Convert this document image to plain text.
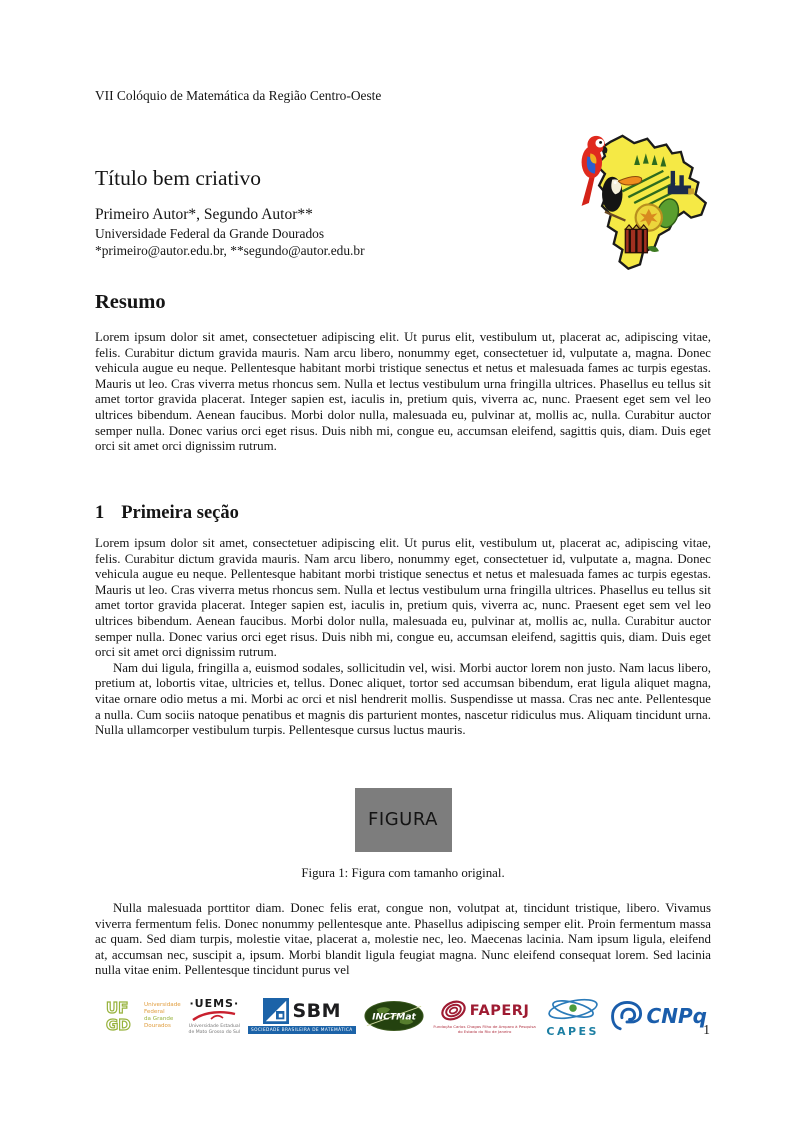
VII Colóquio de Matemática da Região Centro-Oeste
Título bem criativo
Primeiro Autor*, Segundo Autor**
Universidade Federal da Grande Dourados
*primeiro@autor.edu.br, **segundo@autor.edu.br
Resumo

Lorem ipsum dolor sit amet, consectetuer adipiscing elit. Ut purus elit, vestibulum ut, placerat ac, adipiscing vitae, felis. Curabitur dictum gravida mauris. Nam arcu libero, nonummy eget, consectetuer id, vulputate a, magna. Donec vehicula augue eu neque. Pellentesque habitant morbi tristique senectus et netus et malesuada fames ac turpis egestas. Mauris ut leo. Cras viverra metus rhoncus sem. Nulla et lectus vestibulum urna fringilla ultrices. Phasellus eu tellus sit amet tortor gravida placerat. Integer sapien est, iaculis in, pretium quis, viverra ac, nunc. Praesent eget sem vel leo ultrices bibendum. Aenean faucibus. Morbi dolor nulla, malesuada eu, pulvinar at, mollis ac, nulla. Curabitur auctor semper nulla. Donec varius orci eget risus. Duis nibh mi, congue eu, accumsan eleifend, sagittis quis, diam. Duis eget orci sit amet orci dignissim rutrum.

1 Primeira seção

Lorem ipsum dolor sit amet, consectetuer adipiscing elit. Ut purus elit, vestibulum ut, placerat ac, adipiscing vitae, felis. Curabitur dictum gravida mauris. Nam arcu libero, nonummy eget, consectetuer id, vulputate a, magna. Donec vehicula augue eu neque. Pellentesque habitant morbi tristique senectus et netus et malesuada fames ac turpis egestas. Mauris ut leo. Cras viverra metus rhoncus sem. Nulla et lectus vestibulum urna fringilla ultrices. Phasellus eu tellus sit amet tortor gravida placerat. Integer sapien est, iaculis in, pretium quis, viverra ac, nunc. Praesent eget sem vel leo ultrices bibendum. Aenean faucibus. Morbi dolor nulla, malesuada eu, pulvinar at, mollis ac, nulla. Curabitur auctor semper nulla. Donec varius orci eget risus. Duis nibh mi, congue eu, accumsan eleifend, sagittis quis, diam. Duis eget orci sit amet orci dignissim rutrum.

Nam dui ligula, fringilla a, euismod sodales, sollicitudin vel, wisi. Morbi auctor lorem non justo. Nam lacus libero, pretium at, lobortis vitae, ultricies et, tellus. Donec aliquet, tortor sed accumsan bibendum, erat ligula aliquet magna, vitae ornare odio metus a mi. Morbi ac orci et nisl hendrerit mollis. Suspendisse ut massa. Cras nec ante. Pellentesque a nulla. Cum sociis natoque penatibus et magnis dis parturient montes, nascetur ridiculus mus. Aliquam tincidunt urna. Nulla ullamcorper vestibulum turpis. Pellentesque cursus luctus mauris.

FIGURA
Figura 1: Figura com tamanho original.

Nulla malesuada porttitor diam. Donec felis erat, congue non, volutpat at, tincidunt tristique, libero. Vivamus viverra fermentum felis. Donec nonummy pellentesque ante. Phasellus adipiscing semper elit. Proin fermentum massa ac quam. Sed diam turpis, molestie vitae, placerat a, molestie nec, leo. Maecenas lacinia. Nam ipsum ligula, eleifend at, accumsan nec, suscipit a, ipsum. Morbi blandit ligula feugiat magna. Nunc eleifend consequat lorem. Sed lacinia nulla vitae enim. Pellentesque tincidunt purus vel

UF
GD
Universidade
Federal
da Grande
Dourados
·UEMS·
Universidade Estadual
de Mato Grosso do Sul
SBM
SOCIEDADE BRASILEIRA DE MATEMÁTICA
INCTMat	FAPERJ
Fundação Carlos Chagas Filho de Amparo à Pesquisa
do Estado do Rio de Janeiro	CAPES
CNPq
1
